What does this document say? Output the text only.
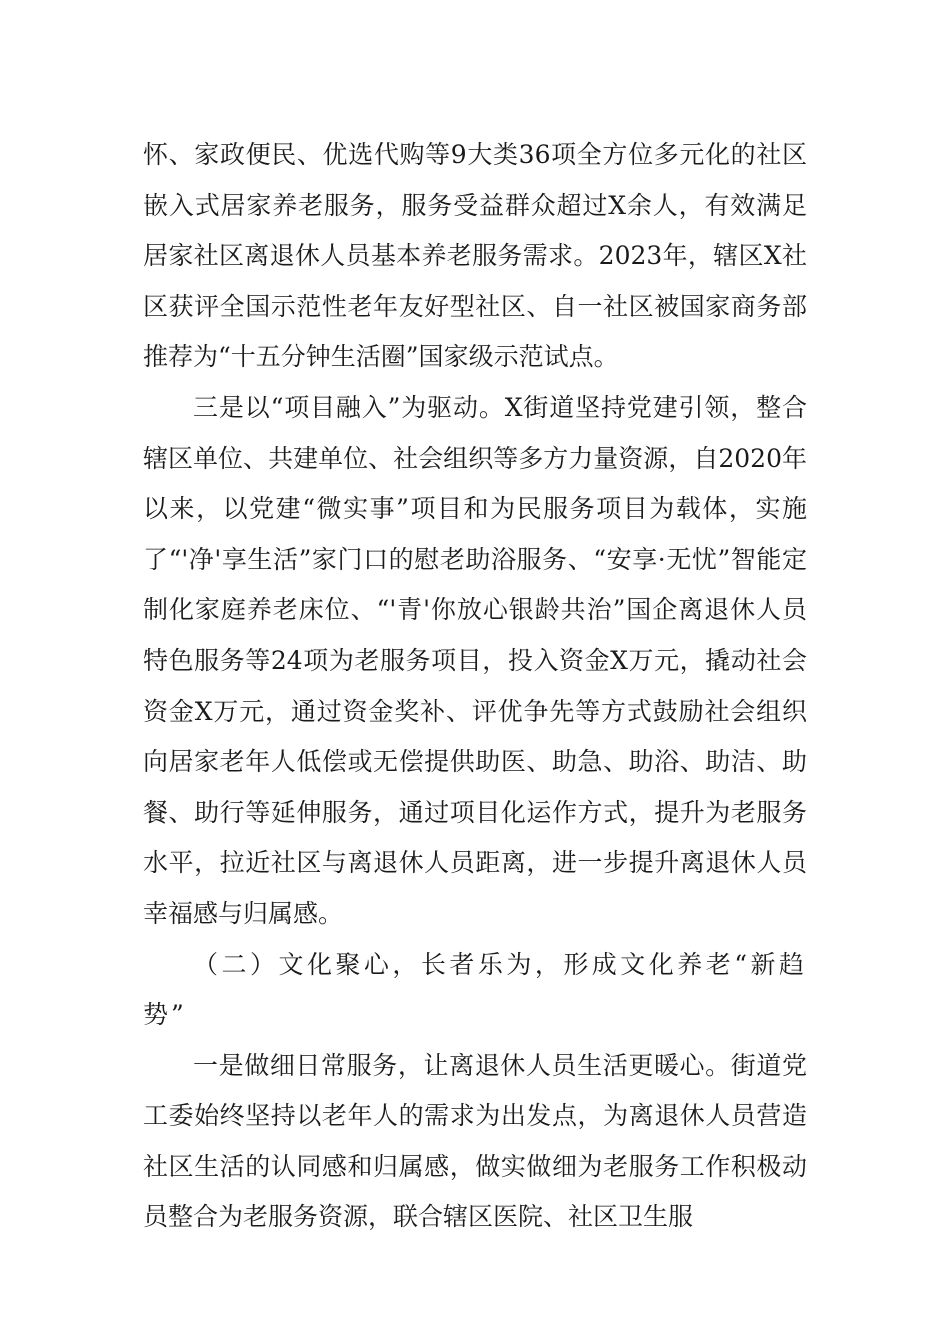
怀、家政便民、优选代购等9大类36项全方位多元化的社区嵌入式居家养老服务，服务受益群众超过X余人，有效满足居家社区离退休人员基本养老服务需求。2023年，辖区X社区获评全国示范性老年友好型社区、自一社区被国家商务部推荐为“十五分钟生活圈”国家级示范试点。

三是以“项目融入”为驱动。X街道坚持党建引领，整合辖区单位、共建单位、社会组织等多方力量资源，自2020年以来，以党建“微实事”项目和为民服务项目为载体，实施了“'净'享生活”家门口的慰老助浴服务、“安享·无忧”智能定制化家庭养老床位、“'青'你放心银龄共治”国企离退休人员特色服务等24项为老服务项目，投入资金X万元，撬动社会资金X万元，通过资金奖补、评优争先等方式鼓励社会组织向居家老年人低偿或无偿提供助医、助急、助浴、助洁、助餐、助行等延伸服务，通过项目化运作方式，提升为老服务水平，拉近社区与离退休人员距离，进一步提升离退休人员幸福感与归属感。

（二）文化聚心，长者乐为，形成文化养老“新趋势”

一是做细日常服务，让离退休人员生活更暖心。街道党工委始终坚持以老年人的需求为出发点，为离退休人员营造社区生活的认同感和归属感，做实做细为老服务工作积极动员整合为老服务资源，联合辖区医院、社区卫生服
